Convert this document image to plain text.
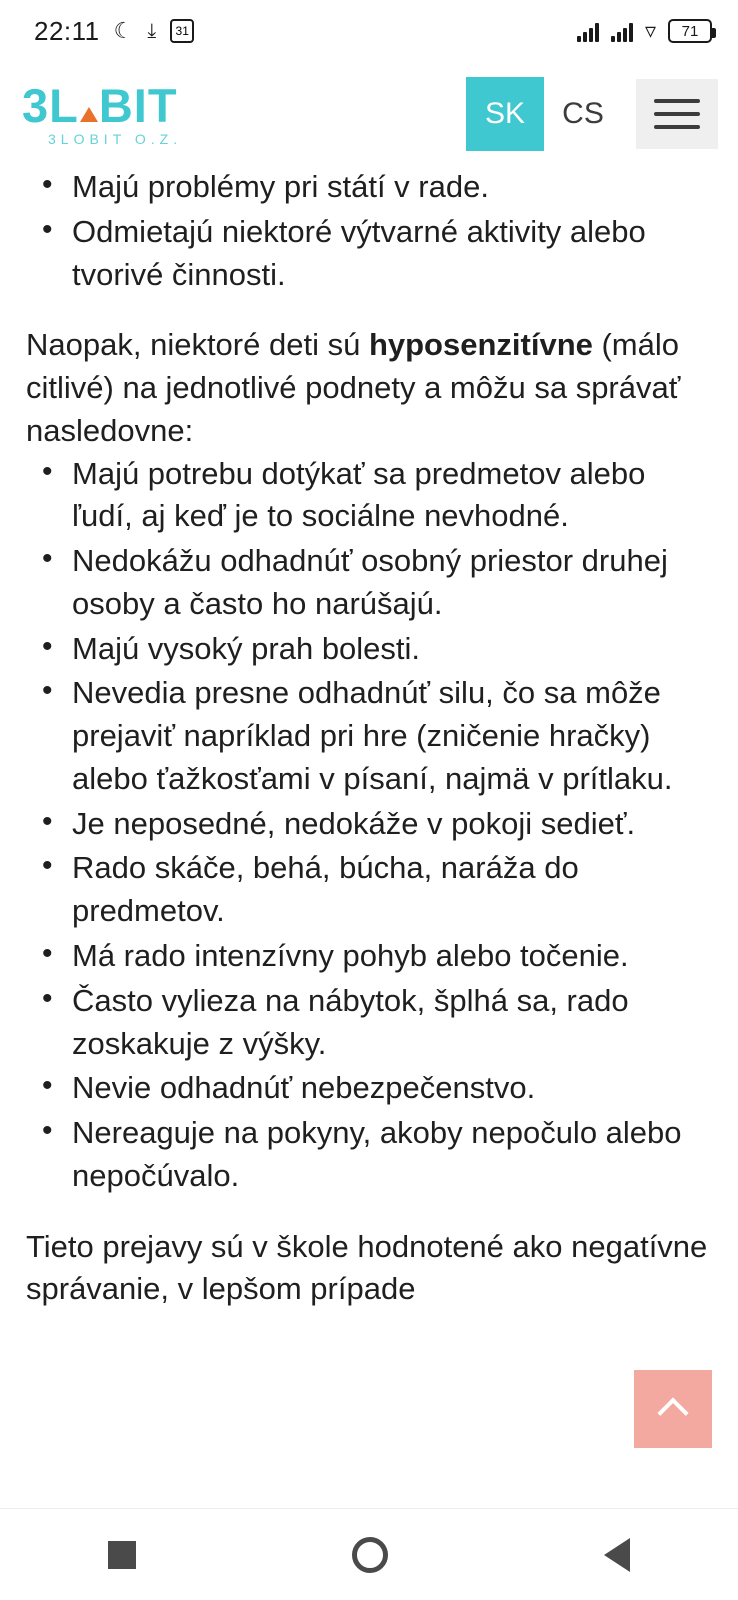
22:11 ☾ ⤓	31	▿	71
3L BIT
3LOBIT O.Z.
SK	CS
• Majú problémy pri státí v rade.
• Odmietajú niektoré výtvarné aktivity alebo tvorivé činnosti.

Naopak, niektoré deti sú hyposenzitívne (málo citlivé) na jednotlivé podnety a môžu sa správať nasledovne:

• Majú potrebu dotýkať sa predmetov alebo ľudí, aj keď je to sociálne nevhodné.
• Nedokážu odhadnúť osobný priestor druhej osoby a často ho narúšajú.
• Majú vysoký prah bolesti.
• Nevedia presne odhadnúť silu, čo sa môže prejaviť napríklad pri hre (zničenie hračky) alebo ťažkosťami v písaní, najmä v prítlaku.
• Je neposedné, nedokáže v pokoji sedieť.
• Rado skáče, behá, búcha, naráža do predmetov.
• Má rado intenzívny pohyb alebo točenie.
• Často vylieza na nábytok, šplhá sa, rado zoskakuje z výšky.
• Nevie odhadnúť nebezpečenstvo.
• Nereaguje na pokyny, akoby nepočulo alebo nepočúvalo.

Tieto prejavy sú v škole hodnotené ako negatívne správanie, v lepšom prípade
